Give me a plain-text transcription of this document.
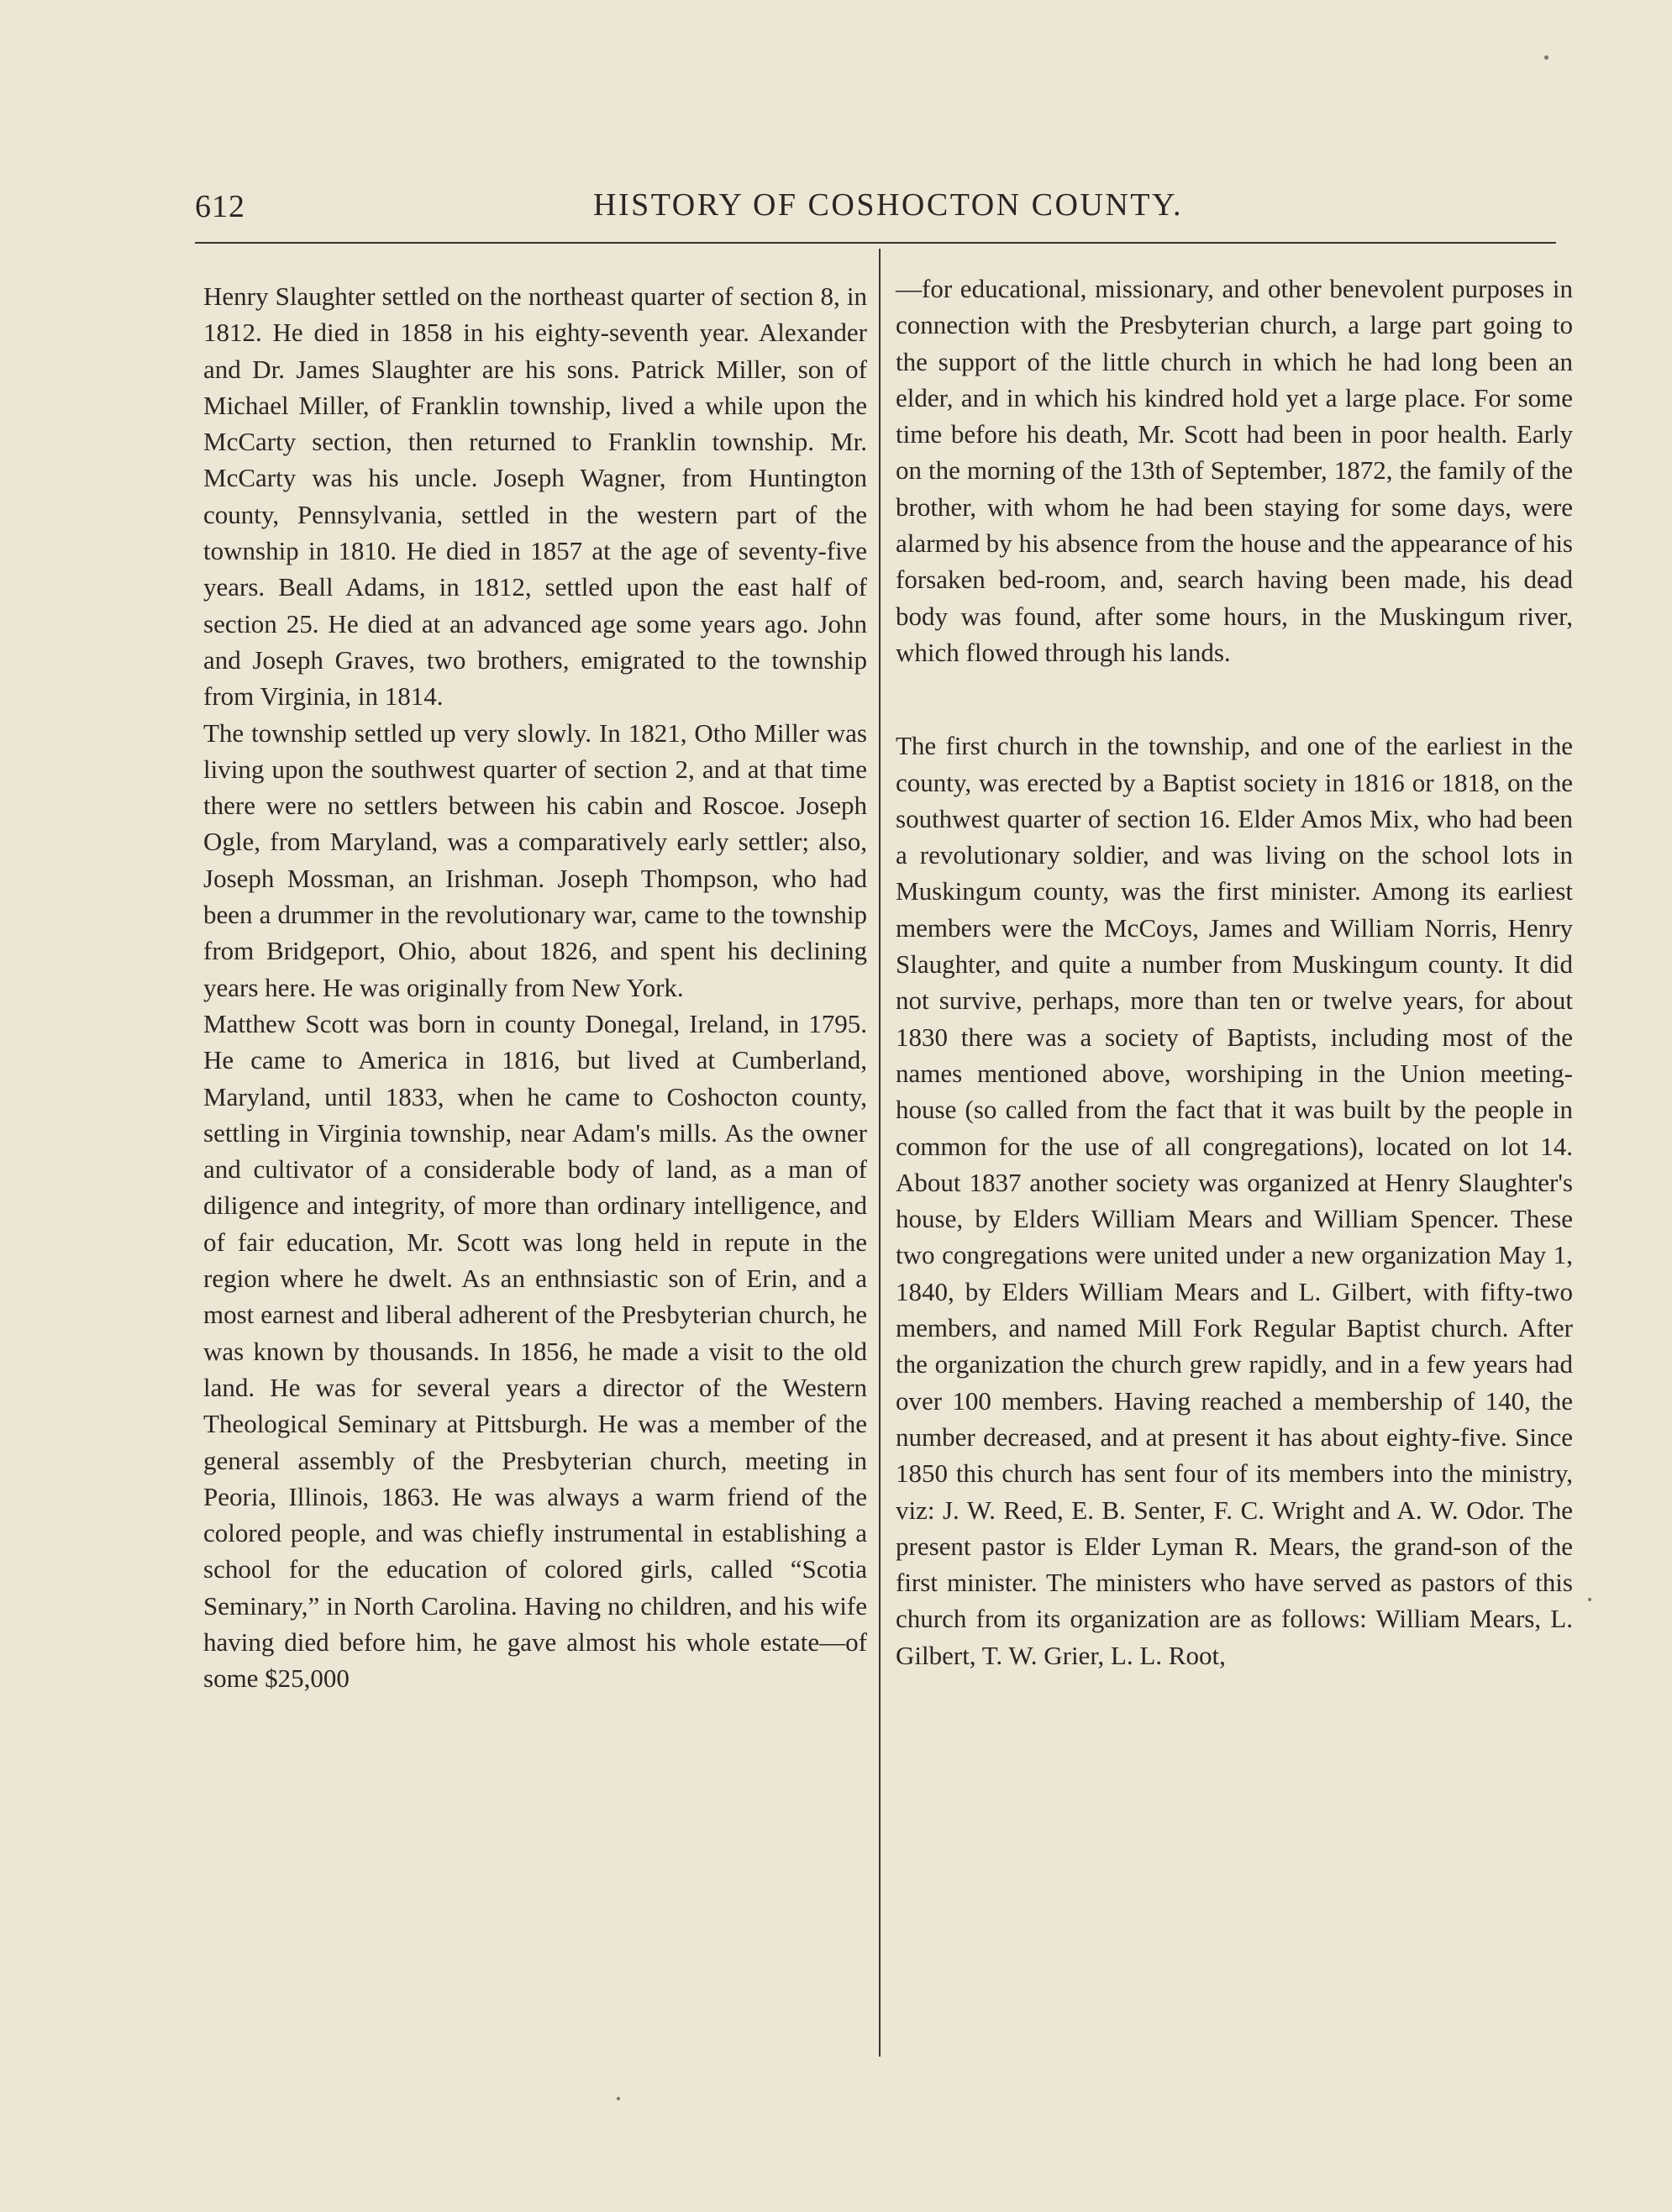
612	HISTORY OF COSHOCTON COUNTY.

Henry Slaughter settled on the northeast quarter of section 8, in 1812. He died in 1858 in his eighty-seventh year. Alexander and Dr. James Slaughter are his sons. Patrick Miller, son of Michael Miller, of Franklin township, lived a while upon the McCarty section, then returned to Franklin township. Mr. McCarty was his uncle. Joseph Wagner, from Huntington county, Pennsylvania, settled in the western part of the township in 1810. He died in 1857 at the age of seventy-five years. Beall Adams, in 1812, settled upon the east half of section 25. He died at an advanced age some years ago. John and Joseph Graves, two brothers, emigrated to the township from Virginia, in 1814.

The township settled up very slowly. In 1821, Otho Miller was living upon the southwest quarter of section 2, and at that time there were no settlers between his cabin and Roscoe. Joseph Ogle, from Maryland, was a comparatively early settler; also, Joseph Mossman, an Irishman. Joseph Thompson, who had been a drummer in the revolutionary war, came to the township from Bridgeport, Ohio, about 1826, and spent his declining years here. He was originally from New York.

Matthew Scott was born in county Donegal, Ireland, in 1795. He came to America in 1816, but lived at Cumberland, Maryland, until 1833, when he came to Coshocton county, settling in Virginia township, near Adam's mills. As the owner and cultivator of a considerable body of land, as a man of diligence and integrity, of more than ordinary intelligence, and of fair education, Mr. Scott was long held in repute in the region where he dwelt. As an enthnsiastic son of Erin, and a most earnest and liberal adherent of the Presbyterian church, he was known by thousands. In 1856, he made a visit to the old land. He was for several years a director of the Western Theological Seminary at Pittsburgh. He was a member of the general assembly of the Presbyterian church, meeting in Peoria, Illinois, 1863. He was always a warm friend of the colored people, and was chiefly instrumental in establishing a school for the education of colored girls, called “Scotia Seminary,” in North Carolina. Having no children, and his wife having died before him, he gave almost his whole estate—of some $25,000

—for educational, missionary, and other benevolent purposes in connection with the Presbyterian church, a large part going to the support of the little church in which he had long been an elder, and in which his kindred hold yet a large place. For some time before his death, Mr. Scott had been in poor health. Early on the morning of the 13th of September, 1872, the family of the brother, with whom he had been staying for some days, were alarmed by his absence from the house and the appearance of his forsaken bed-room, and, search having been made, his dead body was found, after some hours, in the Muskingum river, which flowed through his lands.

The first church in the township, and one of the earliest in the county, was erected by a Baptist society in 1816 or 1818, on the southwest quarter of section 16. Elder Amos Mix, who had been a revolutionary soldier, and was living on the school lots in Muskingum county, was the first minister. Among its earliest members were the McCoys, James and William Norris, Henry Slaughter, and quite a number from Muskingum county. It did not survive, perhaps, more than ten or twelve years, for about 1830 there was a society of Baptists, including most of the names mentioned above, worshiping in the Union meeting-house (so called from the fact that it was built by the people in common for the use of all congregations), located on lot 14. About 1837 another society was organized at Henry Slaughter's house, by Elders William Mears and William Spencer. These two congregations were united under a new organization May 1, 1840, by Elders William Mears and L. Gilbert, with fifty-two members, and named Mill Fork Regular Baptist church. After the organization the church grew rapidly, and in a few years had over 100 members. Having reached a membership of 140, the number decreased, and at present it has about eighty-five. Since 1850 this church has sent four of its members into the ministry, viz: J. W. Reed, E. B. Senter, F. C. Wright and A. W. Odor. The present pastor is Elder Lyman R. Mears, the grand-son of the first minister. The ministers who have served as pastors of this church from its organization are as follows: William Mears, L. Gilbert, T. W. Grier, L. L. Root,
